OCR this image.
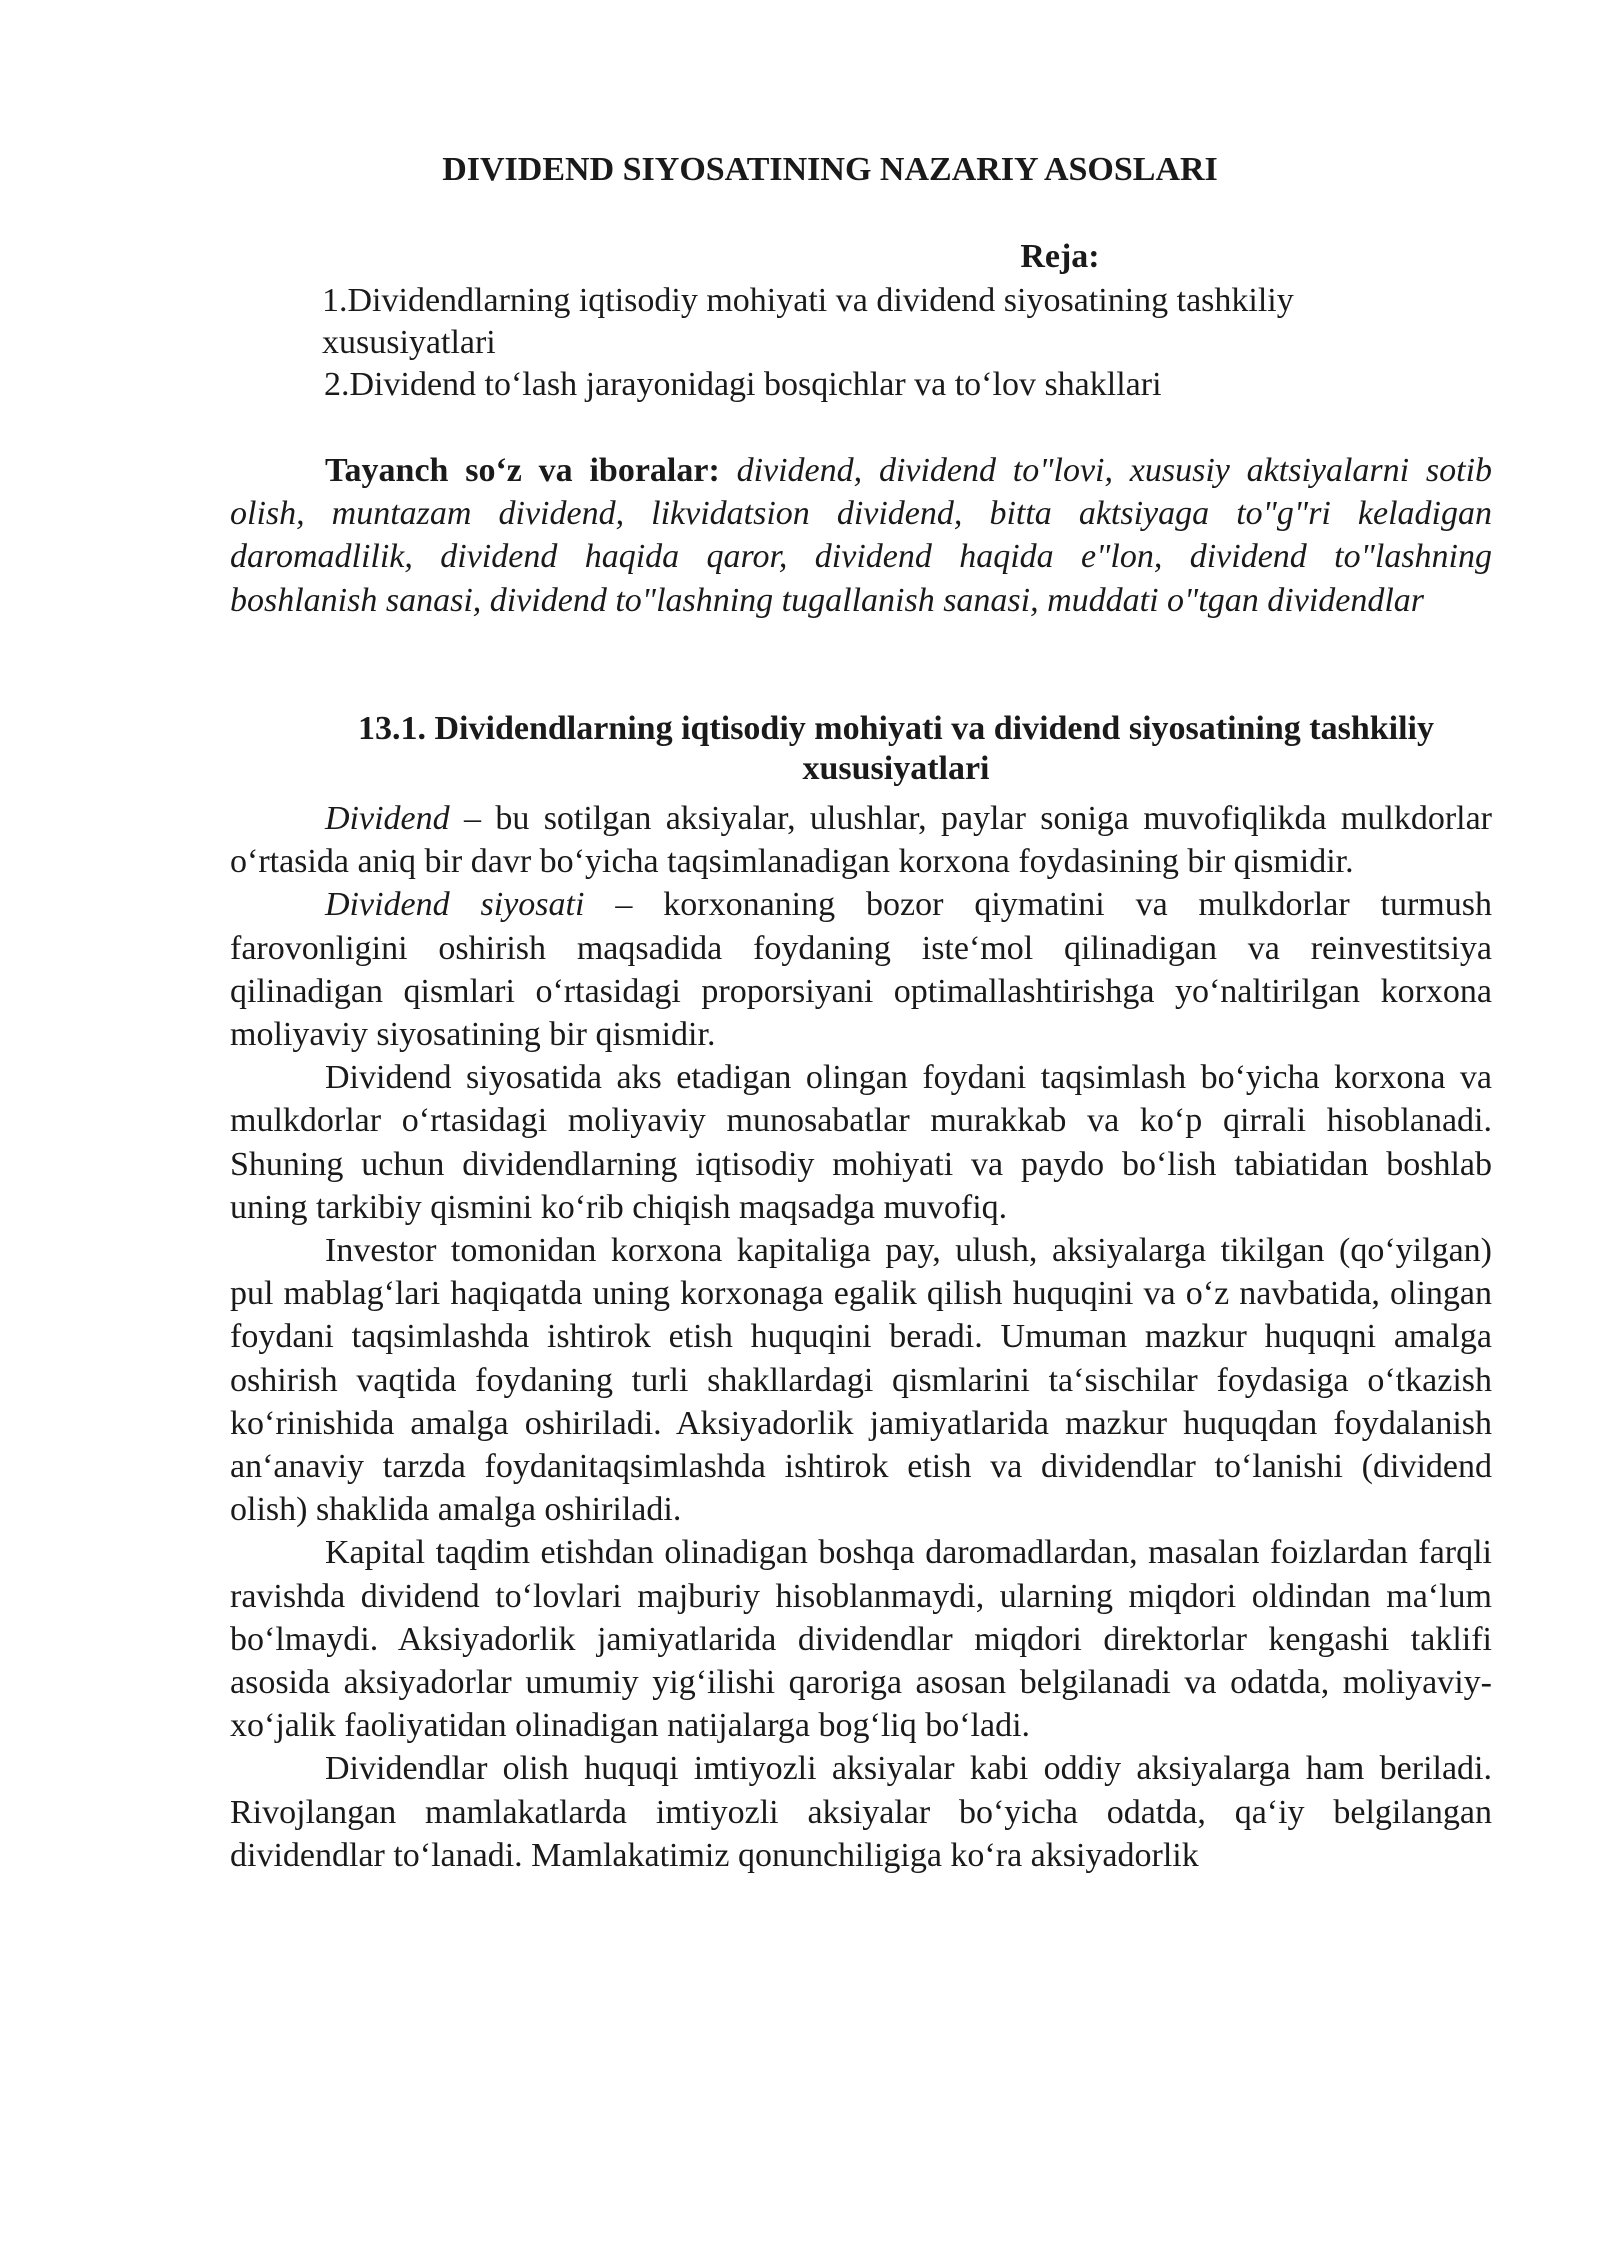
DIVIDEND SIYOSATINING NAZARIY ASOSLARI
Reja:

1.Dividendlarning iqtisodiy mohiyati va dividend siyosatining tashkiliy xususiyatlari

2.Dividend to‘lash jarayonidagi bosqichlar va to‘lov shakllari

Tayanch so‘z va iboralar: dividend, dividend to"lovi, xususiy aktsiyalarni sotib olish, muntazam dividend, likvidatsion dividend, bitta aktsiyaga to"g"ri keladigan daromadlilik, dividend haqida qaror, dividend haqida e"lon, dividend to"lashning boshlanish sanasi, dividend to"lashning tugallanish sanasi, muddati o"tgan dividendlar

13.1. Dividendlarning iqtisodiy mohiyati va dividend siyosatining tashkiliy xususiyatlari

Dividend – bu sotilgan aksiyalar, ulushlar, paylar soniga muvofiqlikda mulkdorlar o‘rtasida aniq bir davr bo‘yicha taqsimlanadigan korxona foydasining bir qismidir.

Dividend siyosati – korxonaning bozor qiymatini va mulkdorlar turmush farovonligini oshirish maqsadida foydaning iste‘mol qilinadigan va reinvestitsiya qilinadigan qismlari o‘rtasidagi proporsiyani optimallashtirishga yo‘naltirilgan korxona moliyaviy siyosatining bir qismidir.

Dividend siyosatida aks etadigan olingan foydani taqsimlash bo‘yicha korxona va mulkdorlar o‘rtasidagi moliyaviy munosabatlar murakkab va ko‘p qirrali hisoblanadi. Shuning uchun dividendlarning iqtisodiy mohiyati va paydo bo‘lish tabiatidan boshlab uning tarkibiy qismini ko‘rib chiqish maqsadga muvofiq.

Investor tomonidan korxona kapitaliga pay, ulush, aksiyalarga tikilgan (qo‘yilgan) pul mablag‘lari haqiqatda uning korxonaga egalik qilish huquqini va o‘z navbatida, olingan foydani taqsimlashda ishtirok etish huquqini beradi. Umuman mazkur huquqni amalga oshirish vaqtida foydaning turli shakllardagi qismlarini ta‘sischilar foydasiga o‘tkazish ko‘rinishida amalga oshiriladi. Aksiyadorlik jamiyatlarida mazkur huquqdan foydalanish an‘anaviy tarzda foydanitaqsimlashda ishtirok etish va dividendlar to‘lanishi (dividend olish) shaklida amalga oshiriladi.

Kapital taqdim etishdan olinadigan boshqa daromadlardan, masalan foizlardan farqli ravishda dividend to‘lovlari majburiy hisoblanmaydi, ularning miqdori oldindan ma‘lum bo‘lmaydi. Aksiyadorlik jamiyatlarida dividendlar miqdori direktorlar kengashi taklifi asosida aksiyadorlar umumiy yig‘ilishi qaroriga asosan belgilanadi va odatda, moliyaviy-xo‘jalik faoliyatidan olinadigan natijalarga bog‘liq bo‘ladi.

Dividendlar olish huquqi imtiyozli aksiyalar kabi oddiy aksiyalarga ham beriladi. Rivojlangan mamlakatlarda imtiyozli aksiyalar bo‘yicha odatda, qa‘iy belgilangan dividendlar to‘lanadi. Mamlakatimiz qonunchiligiga ko‘ra aksiyadorlik
